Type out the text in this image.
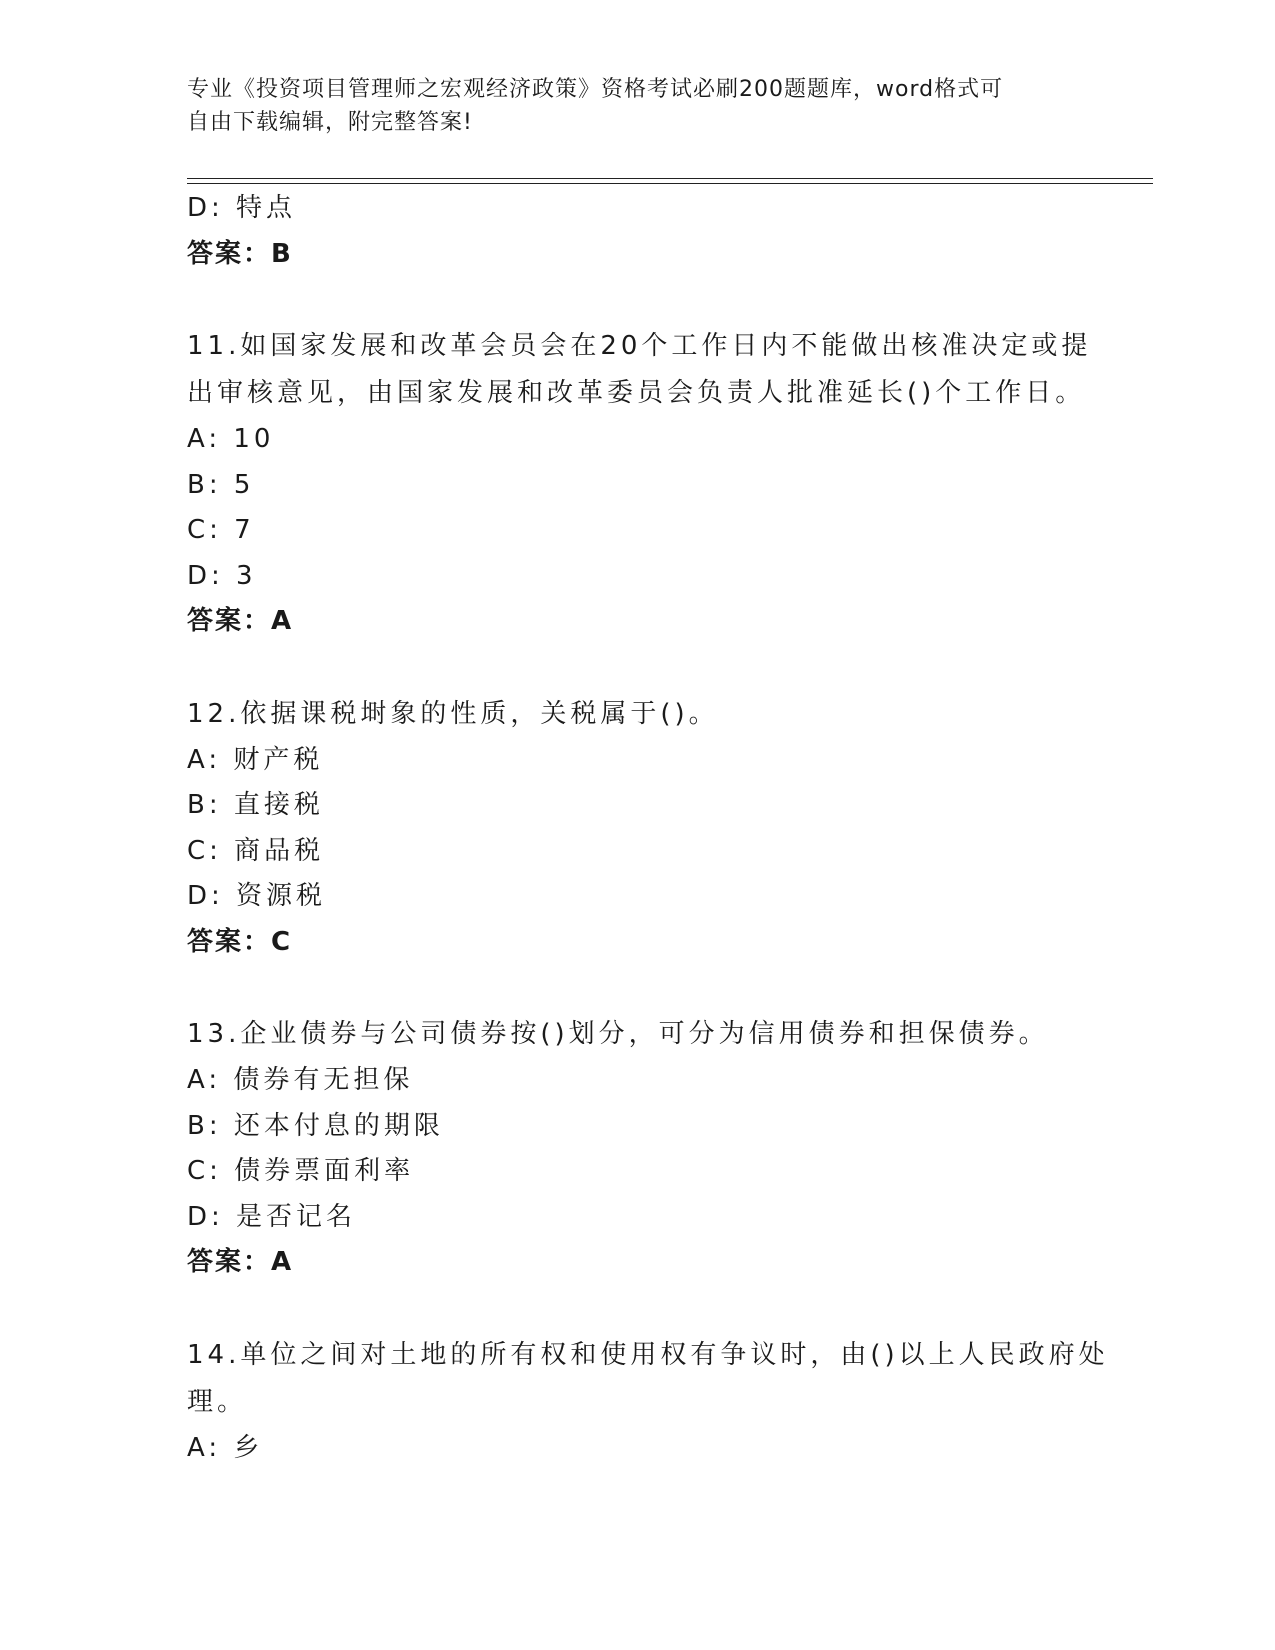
专业《投资项目管理师之宏观经济政策》资格考试必刷200题题库，word格式可
自由下载编辑，附完整答案!
D: 特点
答案：B
11.如国家发展和改革会员会在20个工作日内不能做出核准决定或提
出审核意见，由国家发展和改革委员会负责人批准延长()个工作日。
A: 10
B: 5
C: 7
D: 3
答案：A
12.依据课税埘象的性质，关税属于()。
A: 财产税
B: 直接税
C: 商品税
D: 资源税
答案：C
13.企业债券与公司债券按()划分，可分为信用债券和担保债券。
A: 债券有无担保
B: 还本付息的期限
C: 债券票面利率
D: 是否记名
答案：A
14.单位之间对土地的所有权和使用权有争议时，由()以上人民政府处
理。
A: 乡
